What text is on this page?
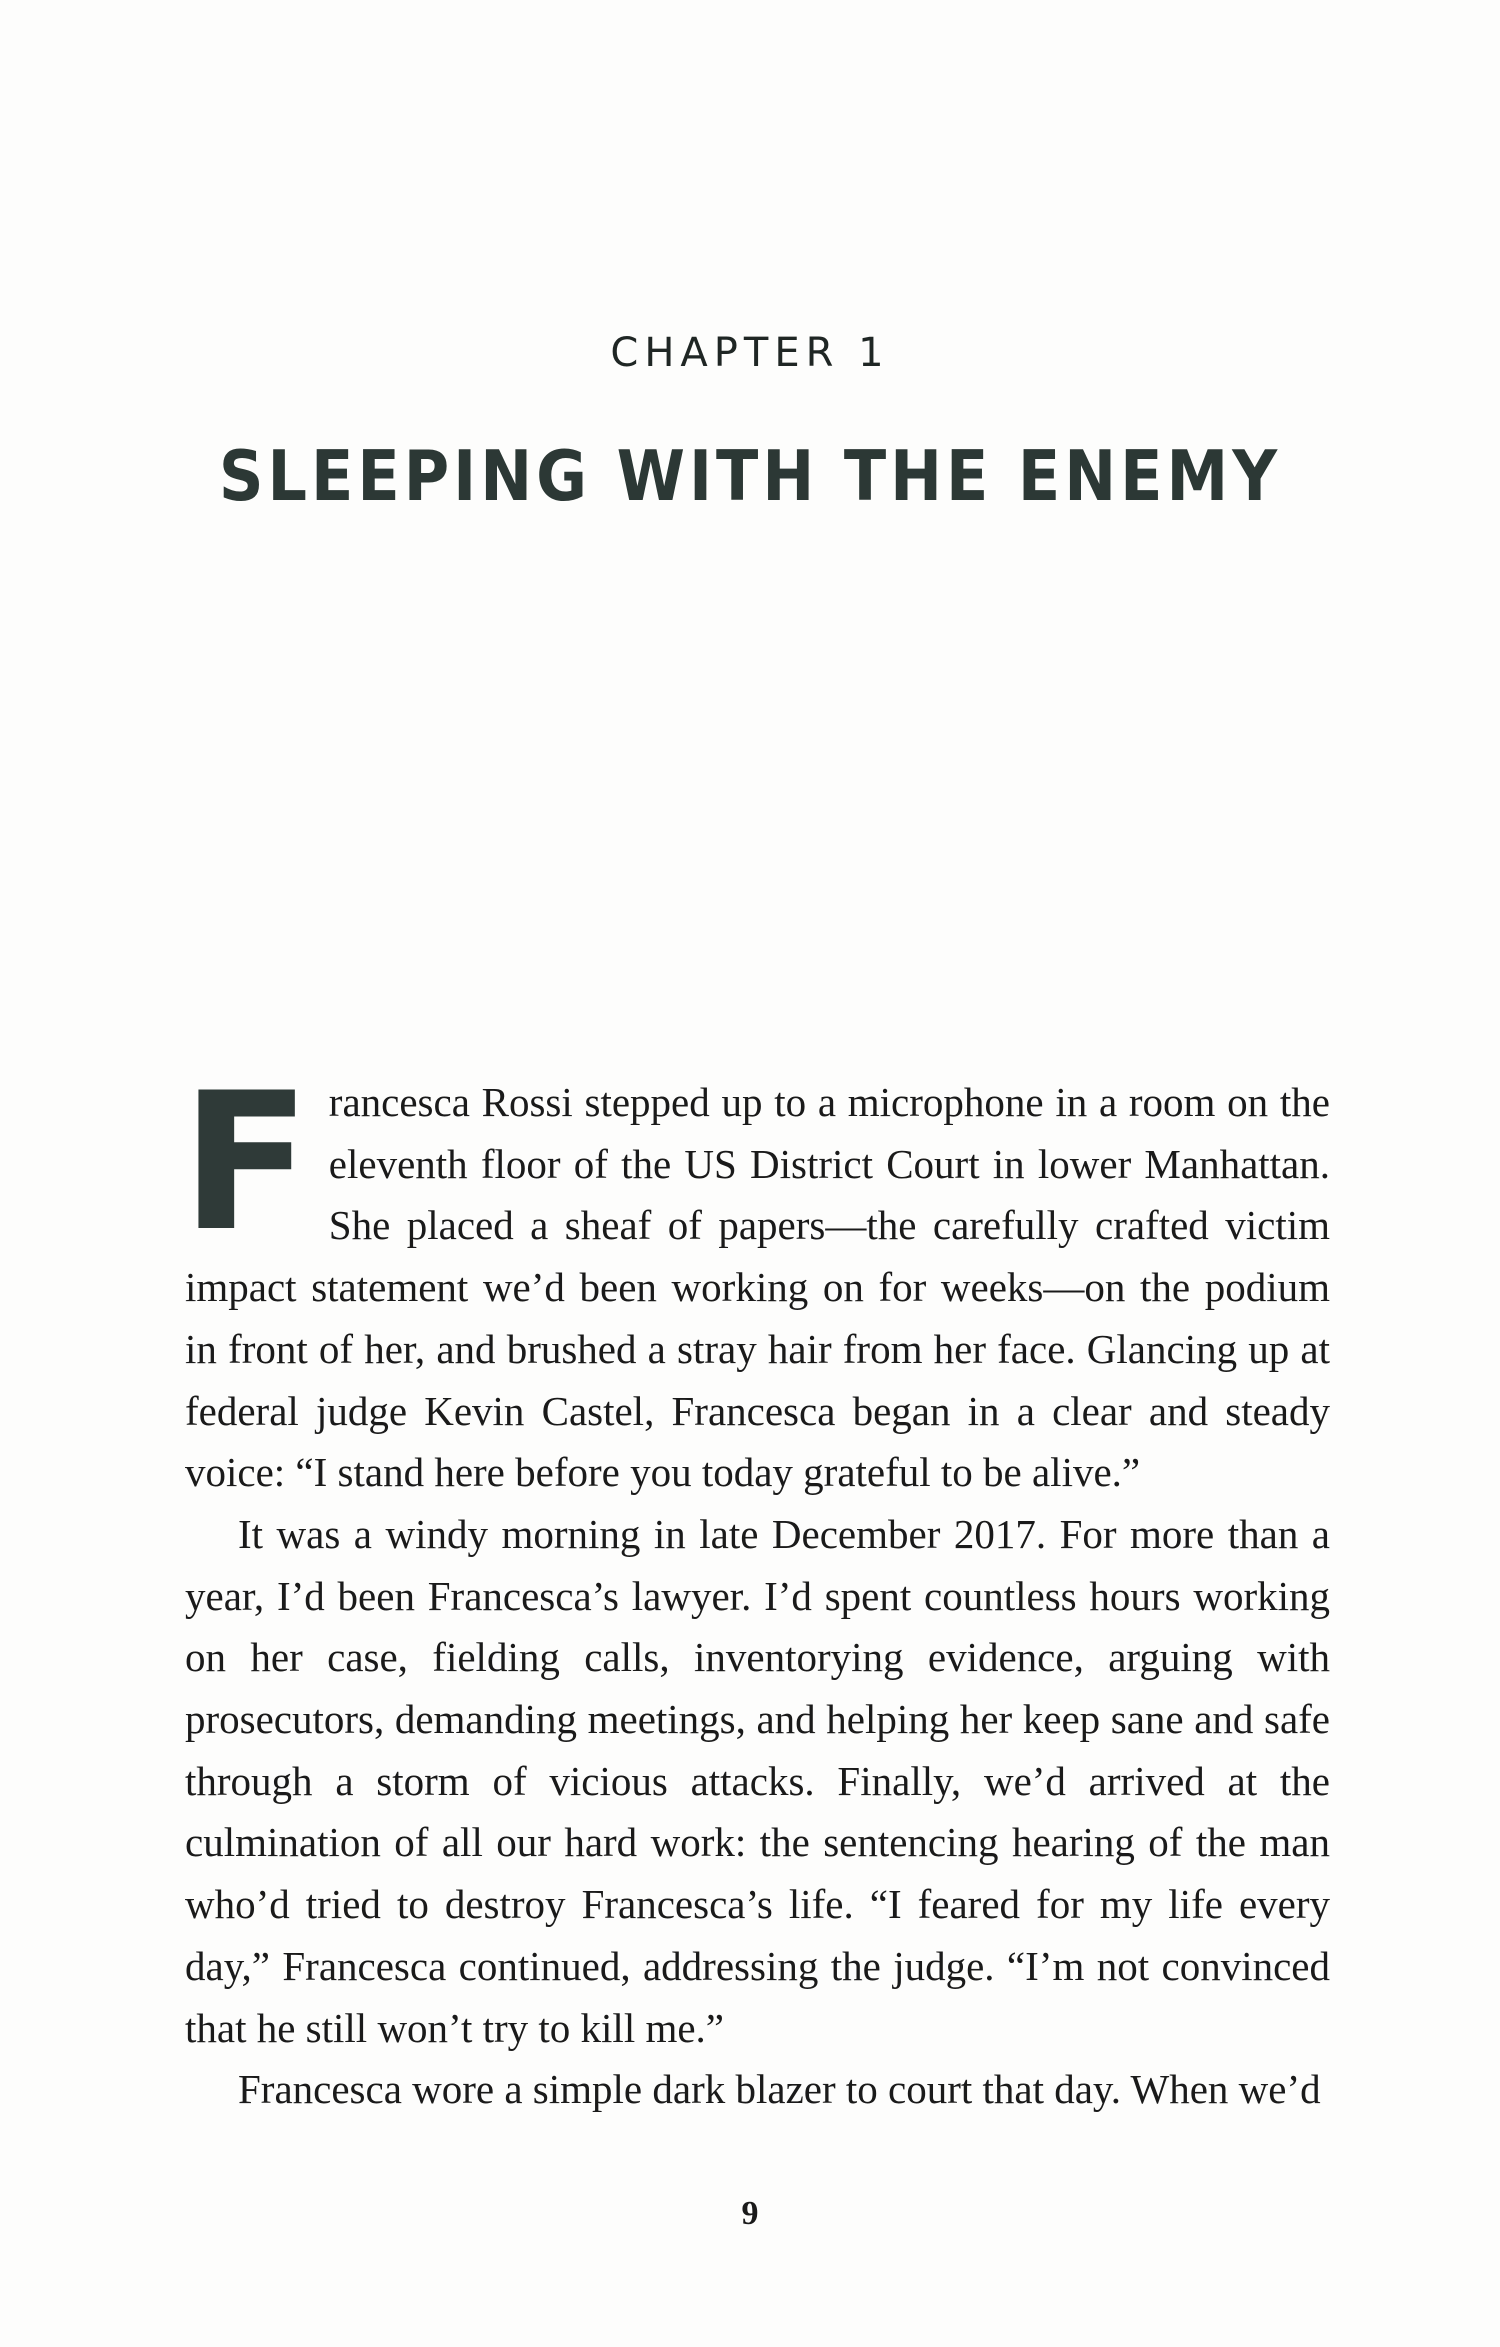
CHAPTER 1
SLEEPING WITH THE ENEMY

Francesca Rossi stepped up to a microphone in a room on the eleventh floor of the US District Court in lower Manhattan. She placed a sheaf of papers—the carefully crafted victim impact statement we’d been working on for weeks—on the podium in front of her, and brushed a stray hair from her face. Glancing up at federal judge Kevin Castel, Francesca began in a clear and steady voice: “I stand here before you today grateful to be alive.”

It was a windy morning in late December 2017. For more than a year, I’d been Francesca’s lawyer. I’d spent countless hours working on her case, fielding calls, inventorying evidence, arguing with prosecutors, demanding meetings, and helping her keep sane and safe through a storm of vicious attacks. Finally, we’d arrived at the culmination of all our hard work: the sentencing hearing of the man who’d tried to destroy Francesca’s life. “I feared for my life every day,” Francesca continued, addressing the judge. “I’m not convinced that he still won’t try to kill me.”

Francesca wore a simple dark blazer to court that day. When we’d

9
